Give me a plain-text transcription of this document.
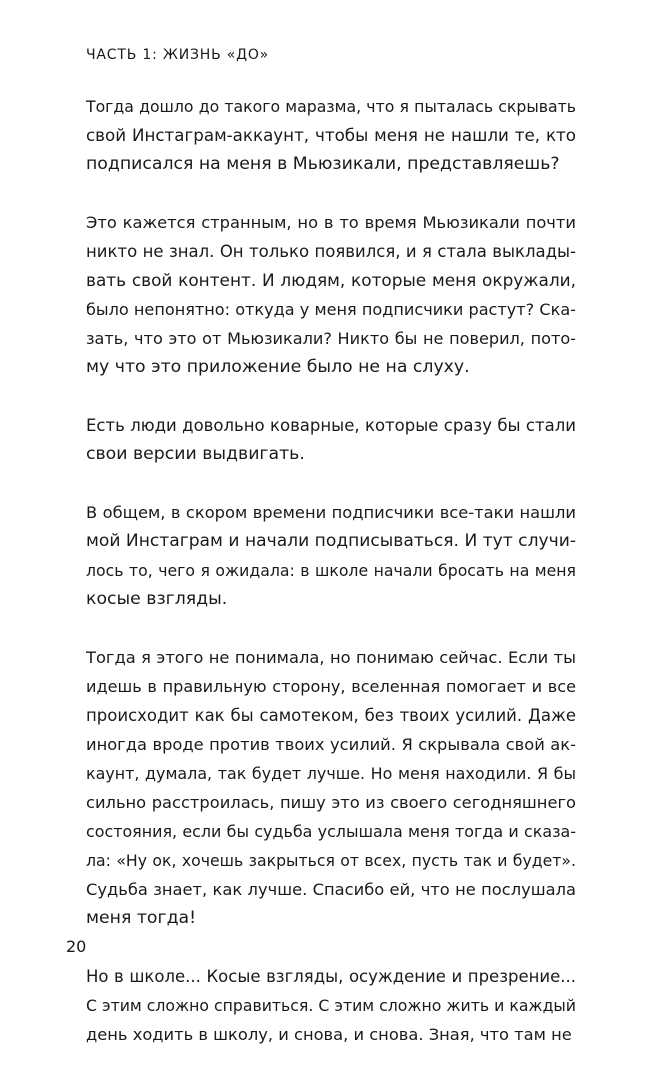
ЧАСТЬ 1: ЖИЗНЬ «ДО»
Тогда дошло до такого маразма, что я пыталась скрывать
свой Инстаграм-аккаунт, чтобы меня не нашли те, кто
подписался на меня в Мьюзикали, представляешь?
Это кажется странным, но в то время Мьюзикали почти
никто не знал. Он только появился, и я стала выклады-
вать свой контент. И людям, которые меня окружали,
было непонятно: откуда у меня подписчики растут? Ска-
зать, что это от Мьюзикали? Никто бы не поверил, пото-
му что это приложение было не на слуху.
Есть люди довольно коварные, которые сразу бы стали
свои версии выдвигать.
В общем, в скором времени подписчики все-таки нашли
мой Инстаграм и начали подписываться. И тут случи-
лось то, чего я ожидала: в школе начали бросать на меня
косые взгляды.
Тогда я этого не понимала, но понимаю сейчас. Если ты
идешь в правильную сторону, вселенная помогает и все
происходит как бы самотеком, без твоих усилий. Даже
иногда вроде против твоих усилий. Я скрывала свой ак-
каунт, думала, так будет лучше. Но меня находили. Я бы
сильно расстроилась, пишу это из своего сегодняшнего
состояния, если бы судьба услышала меня тогда и сказа-
ла: «Ну ок, хочешь закрыться от всех, пусть так и будет».
Судьба знает, как лучше. Спасибо ей, что не послушала
меня тогда!
Но в школе... Косые взгляды, осуждение и презрение...
С этим сложно справиться. С этим сложно жить и каждый
день ходить в школу, и снова, и снова. Зная, что там не
20
